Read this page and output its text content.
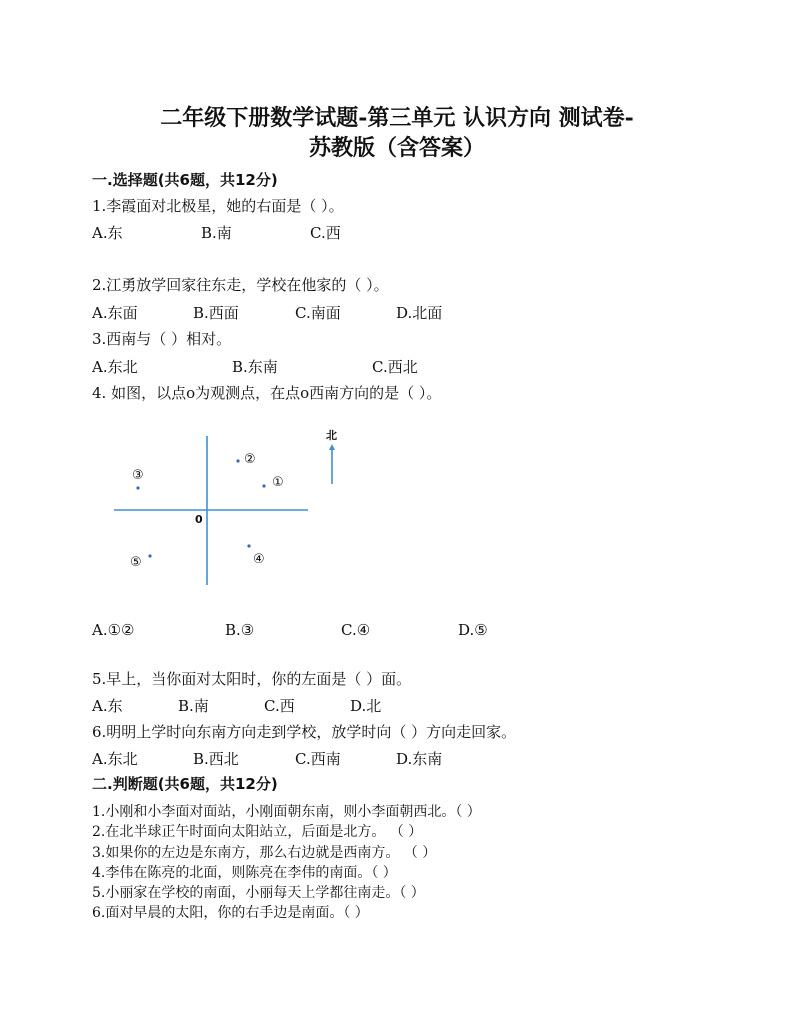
二年级下册数学试题-第三单元 认识方向 测试卷-
苏教版（含答案）
一.选择题(共6题，共12分)
1.李霞面对北极星，她的右面是（ ）。
A.东	B.南	C.西
2.江勇放学回家往东走，学校在他家的（ ）。
A.东面	B.西面	C.南面	D.北面
3.西南与（ ）相对。
A.东北	B.东南	C.西北
4. 如图，以点o为观测点，在点o西南方向的是（ ）。
0
北
②
①
③
④
⑤
A.①②	B.③	C.④	D.⑤
5.早上，当你面对太阳时，你的左面是（ ）面。
A.东	B.南	C.西	D.北
6.明明上学时向东南方向走到学校，放学时向（ ）方向走回家。
A.东北	B.西北	C.西南	D.东南
二.判断题(共6题，共12分)
1.小刚和小李面对面站，小刚面朝东南，则小李面朝西北。（ ）
2.在北半球正午时面向太阳站立，后面是北方。 （ ）
3.如果你的左边是东南方，那么右边就是西南方。 （ ）
4.李伟在陈亮的北面，则陈亮在李伟的南面。（ ）
5.小丽家在学校的南面，小丽每天上学都往南走。（ ）
6.面对早晨的太阳，你的右手边是南面。（ ）
